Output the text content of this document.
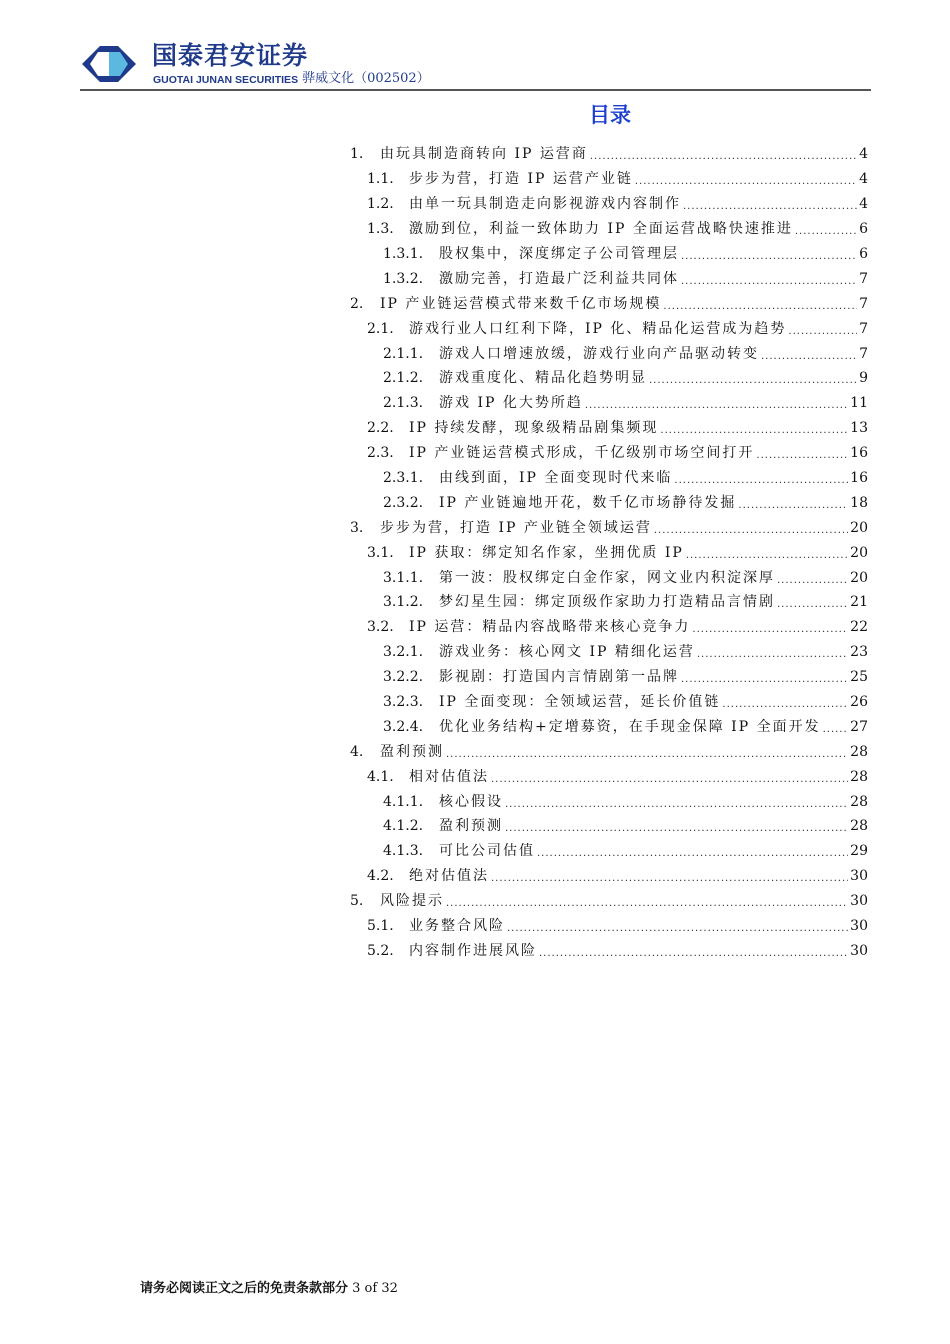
国泰君安证券
GUOTAI JUNAN SECURITIES 骅威文化（002502）
目录
1.	由玩具制造商转向 IP 运营商 .....	4
1.1.	步步为营，打造 IP 运营产业链 .....	4
1.2.	由单一玩具制造走向影视游戏内容制作 .....	4
1.3.	激励到位，利益一致体助力 IP 全面运营战略快速推进 .....	6
1.3.1.	股权集中，深度绑定子公司管理层 .....	6
1.3.2.	激励完善，打造最广泛利益共同体 .....	7
2.	IP 产业链运营模式带来数千亿市场规模 .....	7
2.1.	游戏行业人口红利下降，IP 化、精品化运营成为趋势 .....	7
2.1.1.	游戏人口增速放缓，游戏行业向产品驱动转变 .....	7
2.1.2.	游戏重度化、精品化趋势明显 .....	9
2.1.3.	游戏 IP 化大势所趋 .....	11
2.2.	IP 持续发酵，现象级精品剧集频现 .....	13
2.3.	IP 产业链运营模式形成，千亿级别市场空间打开 .....	16
2.3.1.	由线到面，IP 全面变现时代来临 .....	16
2.3.2.	IP 产业链遍地开花，数千亿市场静待发掘 .....	18
3.	步步为营，打造 IP 产业链全领域运营 .....	20
3.1.	IP 获取：绑定知名作家，坐拥优质 IP .....	20
3.1.1.	第一波：股权绑定白金作家，网文业内积淀深厚 .....	20
3.1.2.	梦幻星生园：绑定顶级作家助力打造精品言情剧 .....	21
3.2.	IP 运营：精品内容战略带来核心竞争力 .....	22
3.2.1.	游戏业务：核心网文 IP 精细化运营 .....	23
3.2.2.	影视剧：打造国内言情剧第一品牌 .....	25
3.2.3.	IP 全面变现：全领域运营，延长价值链 .....	26
3.2.4.	优化业务结构+定增募资，在手现金保障 IP 全面开发 ..... 27
4.	盈利预测 .....	28
4.1.	相对估值法 .....	28
4.1.1.	核心假设 .....	28
4.1.2.	盈利预测 .....	28
4.1.3.	可比公司估值 .....	29
4.2.	绝对估值法 .....	30
5.	风险提示 .....	30
5.1.	业务整合风险 .....	30
5.2.	内容制作进展风险 .....	30
请务必阅读正文之后的免责条款部分 3 of 32
